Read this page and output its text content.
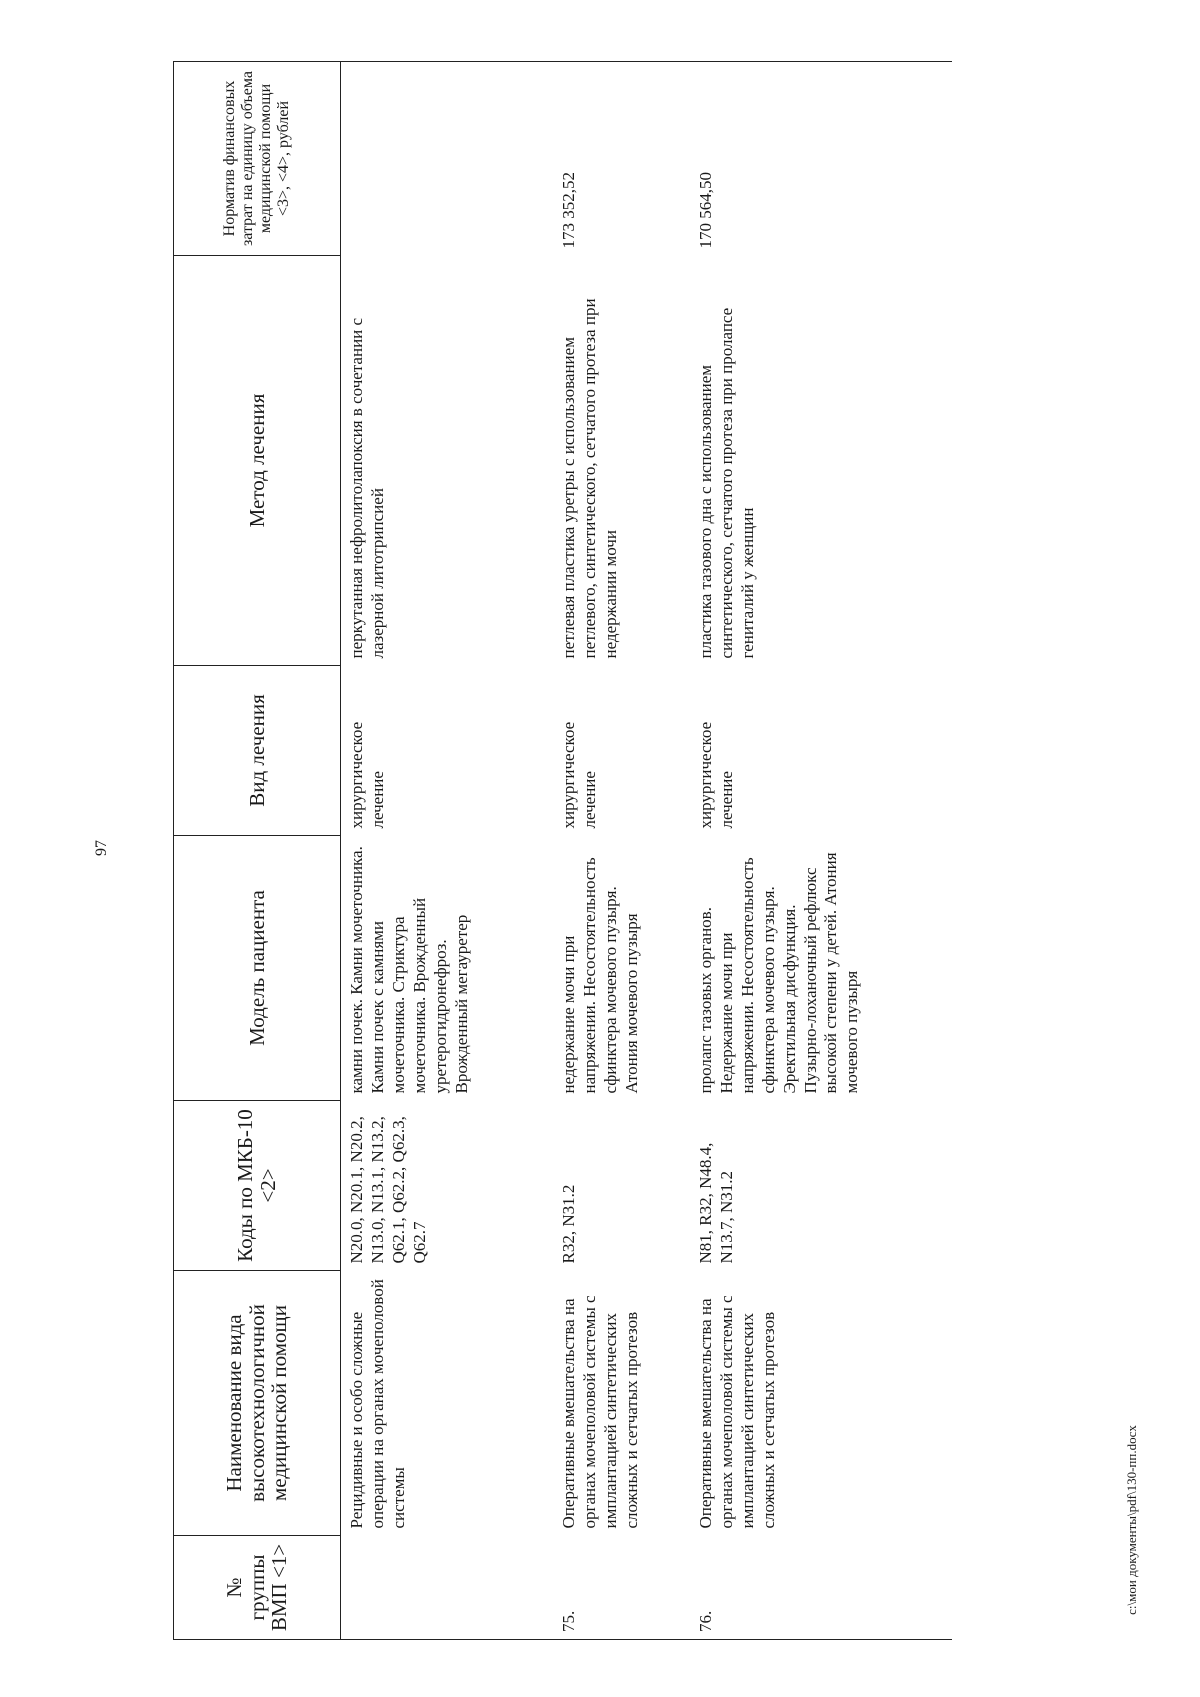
97
№ группы ВМП <1>	Наименование вида высокотехнологичной медицинской помощи	Коды по МКБ-10 <2>	Модель пациента	Вид лечения	Метод лечения	Норматив финансовых затрат на единицу объема медицинской помощи <3>, <4>, рублей
	Рецидивные и особо сложные операции на органах мочеполовой системы	N20.0, N20.1, N20.2, N13.0, N13.1, N13.2, Q62.1, Q62.2, Q62.3, Q62.7	камни почек. Камни мочеточника. Камни почек с камнями мочеточника. Стриктура мочеточника. Врожденный уретерогидронефроз. Врожденный мегауретер	хирургическое лечение	перкутанная нефролитолапоксия в сочетании с лазерной литотрипсией	
75.	Оперативные вмешательства на органах мочеполовой системы с имплантацией синтетических сложных и сетчатых протезов	R32, N31.2	недержание мочи при напряжении. Несостоятельность сфинктера мочевого пузыря. Атония мочевого пузыря	хирургическое лечение	петлевая пластика уретры с использованием петлевого, синтетического, сетчатого протеза при недержании мочи	173 352,52
76.	Оперативные вмешательства на органах мочеполовой системы с имплантацией синтетических сложных и сетчатых протезов	N81, R32, N48.4, N13.7, N31.2	пролапс тазовых органов. Недержание мочи при напряжении. Несостоятельность сфинктера мочевого пузыря. Эректильная дисфункция. Пузырно-лоханочный рефлюкс высокой степени у детей. Атония мочевого пузыря	хирургическое лечение	пластика тазового дна с использованием синтетического, сетчатого протеза при пролапсе гениталий у женщин	170 564,50
c:\мои документы\pdf\130-пп.docx
